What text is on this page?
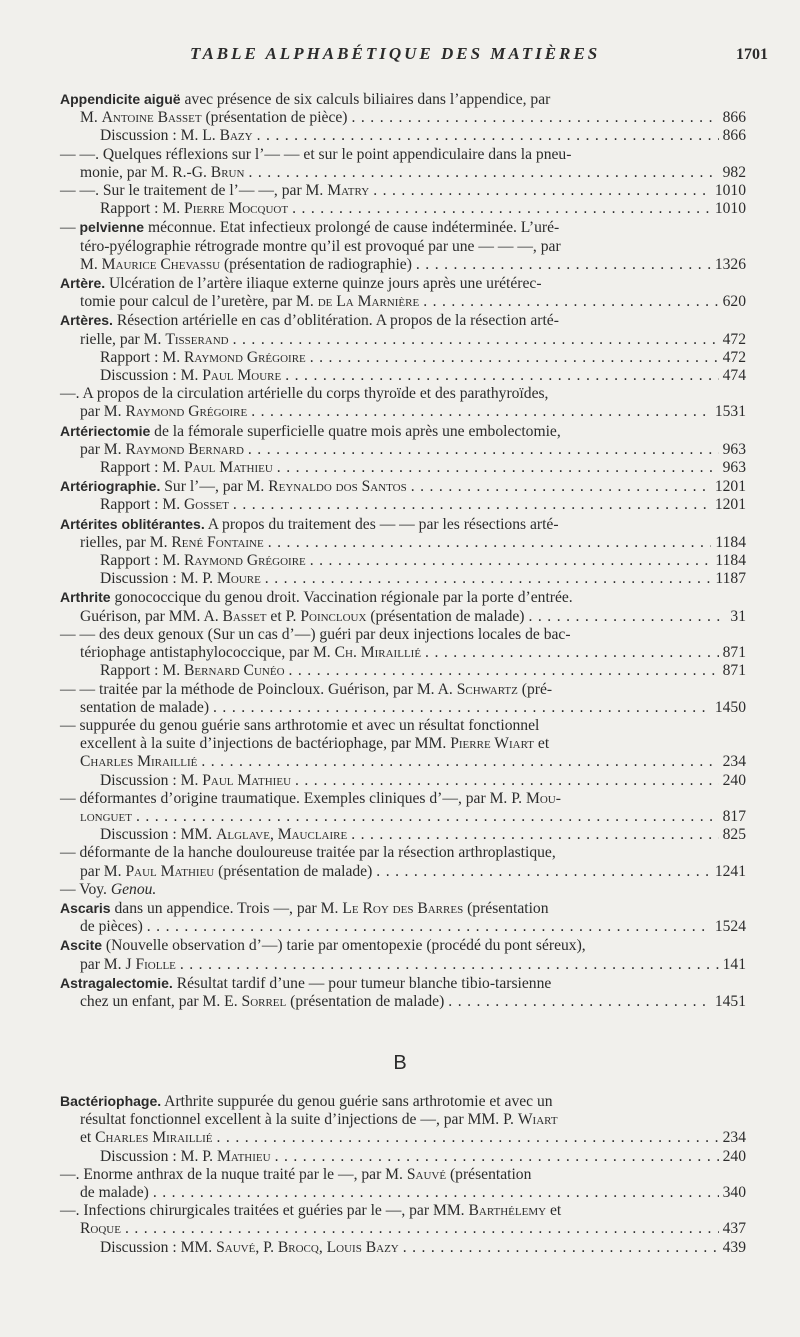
TABLE ALPHABÉTIQUE DES MATIÈRES	1701
Appendicite aiguë avec présence de six calculs biliaires dans l’appendice, par
M. Antoine Basset (présentation de pièce) . . .	866
Discussion : M. L. Bazy . . .	866
— —. Quelques réflexions sur l’— — et sur le point appendiculaire dans la pneu-
monie, par M. R.-G. Brun . . .	982
— —. Sur le traitement de l’— —, par M. Matry . . .	1010
Rapport : M. Pierre Mocquot . . .	1010
— pelvienne méconnue. Etat infectieux prolongé de cause indéterminée. L’uré-
téro-pyélographie rétrograde montre qu’il est provoqué par une — — —, par
M. Maurice Chevassu (présentation de radiographie) . . .	1326
Artère. Ulcération de l’artère iliaque externe quinze jours après une urétérec-
tomie pour calcul de l’uretère, par M. de La Marnière . . .	620
Artères. Résection artérielle en cas d’oblitération. A propos de la résection arté-
rielle, par M. Tisserand . . .	472
Rapport : M. Raymond Grégoire . . .	472
Discussion : M. Paul Moure . . .	474
—. A propos de la circulation artérielle du corps thyroïde et des parathyroïdes,
par M. Raymond Grégoire . . .	1531
Artériectomie de la fémorale superficielle quatre mois après une embolectomie,
par M. Raymond Bernard . . .	963
Rapport : M. Paul Mathieu . . .	963
Artériographie. Sur l’—, par M. Reynaldo dos Santos . . .	1201
Rapport : M. Gosset . . .	1201
Artérites oblitérantes. A propos du traitement des — — par les résections arté-
rielles, par M. René Fontaine . . .	1184
Rapport : M. Raymond Grégoire . . .	1184
Discussion : M. P. Moure . . .	1187
Arthrite gonococcique du genou droit. Vaccination régionale par la porte d’entrée.
Guérison, par MM. A. Basset et P. Poincloux (présentation de malade) . . .	31
— — des deux genoux (Sur un cas d’—) guéri par deux injections locales de bac-
tériophage antistaphylococcique, par M. Ch. Miraillié . . .	871
Rapport : M. Bernard Cunéo . . .	871
— — traitée par la méthode de Poincloux. Guérison, par M. A. Schwartz (pré-
sentation de malade) . . .	1450
— suppurée du genou guérie sans arthrotomie et avec un résultat fonctionnel
excellent à la suite d’injections de bactériophage, par MM. Pierre Wiart et
Charles Miraillié . . .	234
Discussion : M. Paul Mathieu . . .	240
— déformantes d’origine traumatique. Exemples cliniques d’—, par M. P. Mou-
longuet . . .	817
Discussion : MM. Alglave, Mauclaire . . .	825
— déformante de la hanche douloureuse traitée par la résection arthroplastique,
par M. Paul Mathieu (présentation de malade) . . .	1241
— Voy. Genou.
Ascaris dans un appendice. Trois —, par M. Le Roy des Barres (présentation
de pièces) . . .	1524
Ascite (Nouvelle observation d’—) tarie par omentopexie (procédé du pont séreux),
par M. J Fiolle . . .	141
Astragalectomie. Résultat tardif d’une — pour tumeur blanche tibio-tarsienne
chez un enfant, par M. E. Sorrel (présentation de malade) . . .	1451
B
Bactériophage. Arthrite suppurée du genou guérie sans arthrotomie et avec un
résultat fonctionnel excellent à la suite d’injections de —, par MM. P. Wiart
et Charles Miraillié . . .	234
Discussion : M. P. Mathieu . . .	240
—. Enorme anthrax de la nuque traité par le —, par M. Sauvé (présentation
de malade) . . .	340
—. Infections chirurgicales traitées et guéries par le —, par MM. Barthélemy et
Roque . . .	437
Discussion : MM. Sauvé, P. Brocq, Louis Bazy . . .	439
